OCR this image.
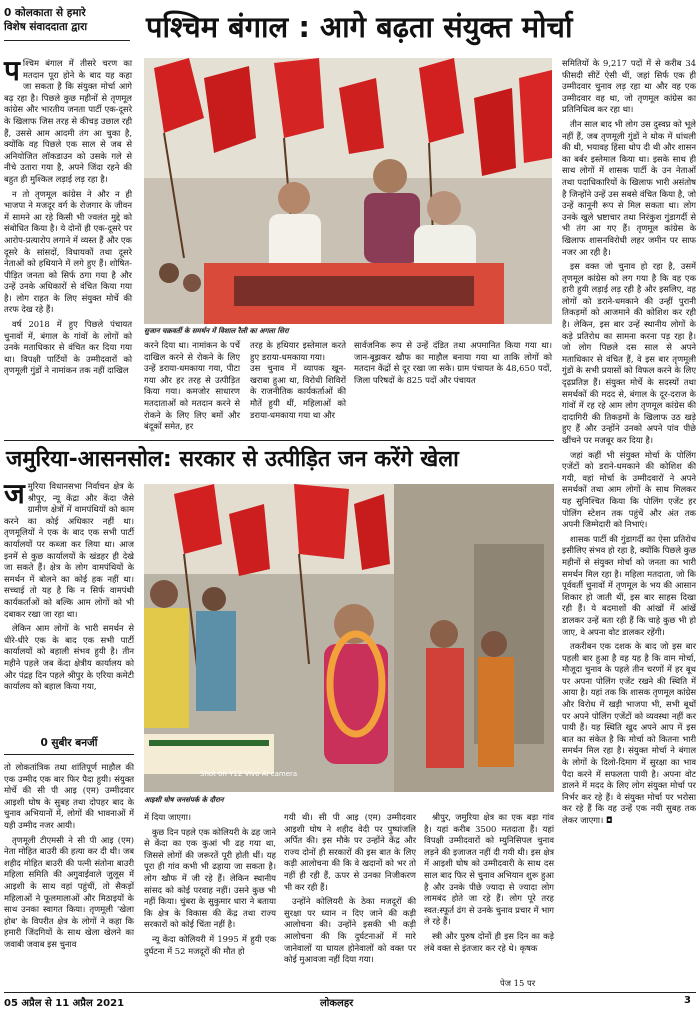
0 कोलकाता से हमारे
विशेष संवाददाता द्वारा	पश्चिम बंगाल : आगे बढ़ता संयुक्त मोर्चा

पश्चिम बंगाल में तीसरे चरण का मतदान पूरा होने के बाद यह कहा जा सकता है कि संयुक्त मोर्चा आगे बढ़ रहा है। पिछले कुछ महीनों से तृणमूल कांग्रेस और भारतीय जनता पार्टी एक-दूसरे के खिलाफ जिस तरह से कीचड़ उछाल रही हैं, उससे आम आदमी तंग आ चुका है, क्योंकि वह पिछले एक साल से जब से अनियोजित लॉकडाउन को उसके गले से नीचे उतारा गया है, अपने जिंदा रहने की बहुत ही मुश्किल लड़ाई लड़ रहा है।

न तो तृणमूल कांग्रेस ने और न ही भाजपा ने मजदूर वर्ग के रोजगार के जीवन में सामने आ रहे किसी भी ज्वलंत मुद्दे को संबोधित किया है। ये दोनों ही एक-दूसरे पर आरोप-प्रत्यारोप लगाने में व्यस्त हैं और एक दूसरे के सांसदों, विधायकों तथा दूसरे नेताओं को हथियाने में लगे हुए हैं। शोषित-पीड़ित जनता को सिर्फ ठगा गया है और उन्हें उनके अधिकारों से वंचित किया गया है। लोग राहत के लिए संयुक्त मोर्चे की तरफ देख रहे हैं।

वर्ष 2018 में हुए पिछले पंचायत चुनावों में, बंगाल के गांवों के लोगों को उनके मताधिकार से वंचित कर दिया गया था। विपक्षी पार्टियों के उम्मीदवारों को तृणमूली गुंडों ने नामांकन तक नहीं दाखिल

सुजान चक्रवर्ती के समर्थन में विशाल रैली का अगला सिरा
करने दिया था। नामांकन के पर्चे दाखिल करने से रोकने के लिए उन्हें डराया-धमकाया गया, पीटा गया और हर तरह से उत्पीड़ित किया गया। कमजोर साधारण मतदाताओं को मतदान करने से रोकने के लिए लिए बमों और बंदूकों समेत, हर
तरह के हथियार इस्तेमाल करते हुए डराया-धमकाया गया।
उस चुनाव में व्यापक खून-खराबा हुआ था, विरोधी शिविरों के राजनीतिक कार्यकर्ताओं की मौतें हुयी थीं, महिलाओं को डराया-धमकाया गया था और
सार्वजनिक रूप से उन्हें दंडित तथा अपमानित किया गया था। जान-बूझकर खौफ का माहौल बनाया गया था ताकि लोगों को मतदान केंद्रों से दूर रखा जा सके। ग्राम पंचायत के 48,650 पदों, जिला परिषदों के 825 पदों और पंचायत

समितियों के 9,217 पदों में से करीब 34 फीसदी सीटें ऐसी थीं, जहां सिर्फ एक ही उम्मीदवार चुनाव लड़ रहा था और वह एक उम्मीदवार वह था, जो तृणमूल कांग्रेस का प्रतिनिधित्व कर रहा था।

तीन साल बाद भी लोग उस दुस्वप्न को भूले नहीं हैं, जब तृणमूली गुंडों ने थोक में धांधली की थी, भयावह हिंसा थोप दी थी और शासन का बर्बर इस्तेमाल किया था। इसके साथ ही साथ लोगों में शासक पार्टी के उन नेताओं तथा पदाधिकारियों के खिलाफ भारी असंतोष है जिन्होंने उन्हें उस सबसे वंचित किया है, जो उन्हें कानूनी रूप से मिल सकता था। लोग उनके खुले भ्रष्टाचार तथा निरंकुश गुंडागर्दी से भी तंग आ गए हैं। तृणमूल कांग्रेस के खिलाफ शासनविरोधी लहर जमीन पर साफ नजर आ रही है।

इस वक्त जो चुनाव हो रहा है, उसमें तृणमूल कांग्रेस को लग गया है कि वह एक हारी हुयी लड़ाई लड़ रही है और इसलिए, वह लोगों को डराने-धमकाने की उन्हीं पुरानी तिकड़मों को आजमाने की कोशिश कर रही है। लेकिन, इस बार उन्हें स्थानीय लोगों के कड़े प्रतिरोध का सामना करना पड़ रहा है। जो लोग पिछले दस साल से अपने मताधिकार से वंचित हैं, वे इस बार तृणमूली गुंडों के सभी प्रयासों को विफल करने के लिए दृढ़प्रतिज्ञ हैं। संयुक्त मोर्चे के सदस्यों तथा समर्थकों की मदद से, बंगाल के दूर-दराज के गांवों में रह रहे आम लोग तृणमूल कांग्रेस की दादागिरी की तिकड़मों के खिलाफ उठ खड़े हुए हैं और उन्होंने उनको अपने पांव पीछे खींचने पर मजबूर कर दिया है।

जहां कहीं भी संयुक्त मोर्चा के पोलिंग एजेंटों को डराने-धमकाने की कोशिश की गयी, वहां मोर्चा के उम्मीदवारों ने अपने समर्थकों तथा आम लोगों के साथ मिलकर यह सुनिश्चित किया कि पोलिंग एजेंट हर पोलिंग स्टेशन तक पहुंचें और अंत तक अपनी जिम्मेदारी को निभाएं।

शासक पार्टी की गुंडागर्दी का ऐसा प्रतिरोध इसीलिए संभव हो रहा है, क्योंकि पिछले कुछ महीनों से संयुक्त मोर्चा को जनता का भारी समर्थन मिल रहा है। महिला मतदाता, जो कि पूर्ववर्ती चुनावों में तृणमूल के भय की आसान शिकार हो जाती थीं, इस बार साहस दिखा रही हैं। ये बदमाशों की आंखों में आंखें डालकर उन्हें बता रही हैं कि चाहे कुछ भी हो जाए, वे अपना वोट डालकर रहेंगी।

तकरीबन एक दशक के बाद जो इस बार पहली बार हुआ है वह यह है कि वाम मोर्चा, मौजूदा चुनाव के पहले तीन चरणों में हर बूथ पर अपना पोलिंग एजेंट रखने की स्थिति में आया है। यहां तक कि शासक तृणमूल कांग्रेस और विरोध में खड़ी भाजपा भी, सभी बूथों पर अपने पोलिंग एजेंटों को व्यवस्था नहीं कर पायी हैं। यह स्थिति खुद अपने आप में इस बात का संकेत है कि मोर्चा को कितना भारी समर्थन मिल रहा है। संयुक्त मोर्चा ने बंगाल के लोगों के दिलो-दिमाग में सुरक्षा का भाव पैदा करने में सफलता पायी है। अपना वोट डालने में मदद के लिए लोग संयुक्त मोर्चा पर निर्भर कर रहे हैं। वे संयुक्त मोर्चा पर भरोसा कर रहे हैं कि वह उन्हें एक नयी सुबह तक लेकर जाएगा। ◘

जमुरिया-आसनसोल: सरकार से उत्पीड़ित जन करेंगे खेला

जमुरिया विधानसभा निर्वाचन क्षेत्र के श्रीपुर, न्यू केंद्रा और केंदा जैसे ग्रामीण क्षेत्रों में वामपंथियों को काम करने का कोई अधिकार नहीं था। तृणमूलियों ने एक के बाद एक सभी पार्टी कार्यालयों पर कब्जा कर लिया था। आज इनमें से कुछ कार्यालयों के खंडहर ही देखे जा सकते हैं। क्षेत्र के लोग वामपंथियों के समर्थन में बोलने का कोई हक नहीं था। सच्चाई तो यह है कि न सिर्फ वामपंथी कार्यकर्ताओं को बल्कि आम लोगों को भी दबाकर रखा जा रहा था।

लेकिन आम लोगों के भारी समर्थन से धीरे-धीरे एक के बाद एक सभी पार्टी कार्यालयों को बहाली संभव हुयी है। तीन महीने पहले जब केंदा क्षेत्रीय कार्यालय को और पंद्रह दिन पहले श्रीपुर के एरिया कमेटी कार्यालय को बहाल किया गया,

0 सुबीर बनर्जी
Shot on Y12 Vivo AI camera
आइशी घोष जनसंपर्क के दौरान

तो लोकतांत्रिक तथा शांतिपूर्ण माहौल की एक उम्मीद एक बार फिर पैदा हुयी। संयुक्त मोर्चे की सी पी आइ (एम) उम्मीदवार आइशी घोष के सुबह तथा दोपहर बाद के चुनाव अभियानों में, लोगों की भावनाओं में यही उम्मीद नजर आयी।

तृणमूली टीएमसी ने सी पी आइ (एम) नेता मोहित बाउरी की हत्या कर दी थी। जब शहीद मोहित बाउरी की पत्नी संतोना बाउरी महिला समिति की अगुवाईवाले जुलूस में आइशी के साथ वहां पहुंचीं, तो सैकड़ों महिलाओं ने फूलमालाओं और मिठाइयों के साथ उनका स्वागत किया। तृणमूली 'खेला होब' के विपरीत क्षेत्र के लोगों ने कहा कि हमारी जिंदगियों के साथ खेला खेलने का जवाबी जवाब इस चुनाव

में दिया जाएगा।

कुछ दिन पहले एक कोलियरी के ढह जाने से केंदा का एक कुआं भी ढह गया था, जिससे लोगों की जरूरतें पूरी होती थीं। यह पूरा ही गांव कभी भी ढहाया जा सकता है। लोग खौफ में जी रहे हैं। लेकिन स्थानीय सांसद को कोई परवाह नहीं। उसने कुछ भी नहीं किया। चुंबरा के सुकुमार धारा ने बताया कि क्षेत्र के विकास की केंद्र तथा राज्य सरकारों को कोई चिंता नहीं है।

न्यू केंदा कोलियरी में 1995 में हुयी एक दुर्घटना में 52 मजदूरों की मौत हो

गयी थी। सी पी आइ (एम) उम्मीदवार आइशी घोष ने शहीद वेदी पर पुष्पांजलि अर्पित की। इस मौके पर उन्होंने केंद्र और राज्य दोनों ही सरकारों की इस बात के लिए कड़ी आलोचना की कि वे खदानों को भर तो नहीं ही रही हैं, ऊपर से उनका निजीकरण भी कर रही हैं।

उन्होंने कोलियरी के ठेका मजदूरों की सुरक्षा पर ध्यान न दिए जाने की कड़ी आलोचना की। उन्होंने इसकी भी कड़ी आलोचना की कि दुर्घटनाओं में मारे जानेवालों या घायल होनेवालों को वक्त पर कोई मुआवजा नहीं दिया गया।

श्रीपुर, जमुरिया क्षेत्र का एक बड़ा गांव है। यहां करीब 3500 मतदाता हैं। यहां विपक्षी उम्मीदवारों को म्युनिसिपल चुनाव लड़ने की इजाजत नहीं दी गयी थी। इस क्षेत्र में आइशी घोष को उम्मीदवारी के साथ दस साल बाद फिर से चुनाव अभियान शुरू हुआ है और उनके पीछे ज्यादा से ज्यादा लोग लामबंद होते जा रहे हैं। लोग पूरे तरह स्वत:स्फूर्त ढंग से उनके चुनाव प्रचार में भाग ले रहे हैं।

स्त्री और पुरुष दोनों ही इस दिन का कड़े लंबे वक्त से इंतजार कर रहे थे। कृषक

पेज 15 पर
05 अप्रैल से 11 अप्रैल 2021	लोकलहर	3
